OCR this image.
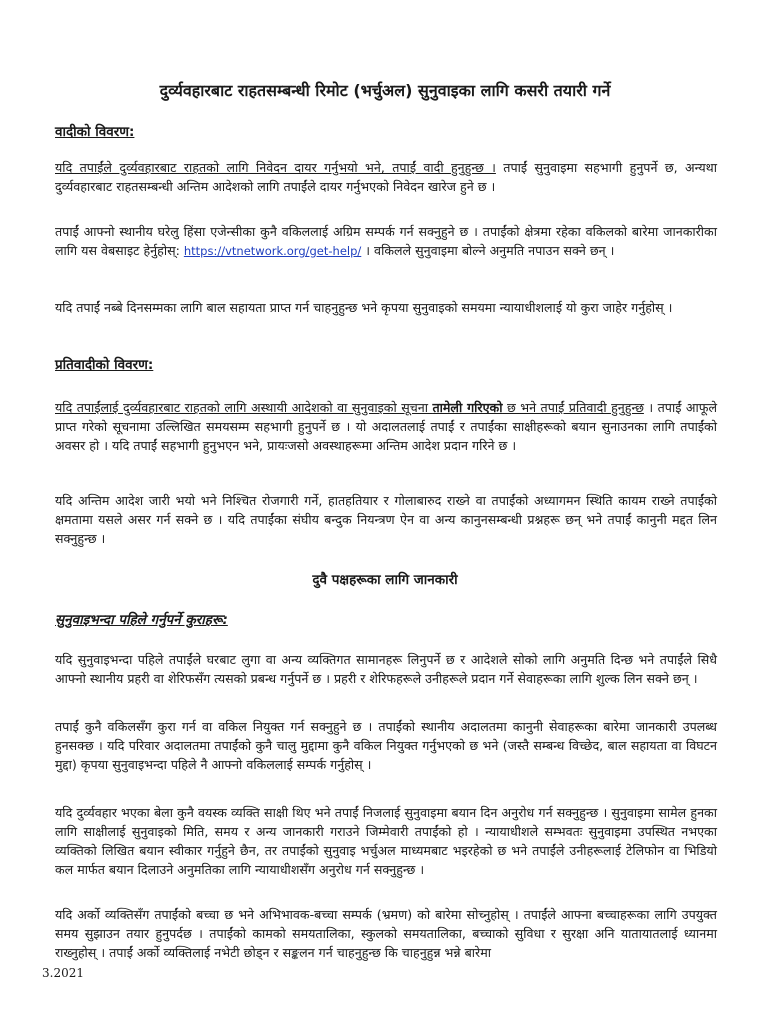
दुर्व्यवहारबाट राहतसम्बन्धी रिमोट (भर्चुअल) सुनुवाइका लागि कसरी तयारी गर्ने
वादीको विवरण:
यदि तपाईंले दुर्व्यवहारबाट राहतको लागि निवेदन दायर गर्नुभयो भने, तपाईं वादी हुनुहुन्छ । तपाईं सुनुवाइमा सहभागी हुनुपर्ने छ, अन्यथा दुर्व्यवहारबाट राहतसम्बन्धी अन्तिम आदेशको लागि तपाईंले दायर गर्नुभएको निवेदन खारेज हुने छ ।
तपाईं आफ्नो स्थानीय घरेलु हिंसा एजेन्सीका कुनै वकिललाई अग्रिम सम्पर्क गर्न सक्नुहुने छ । तपाईंको क्षेत्रमा रहेका वकिलको बारेमा जानकारीका लागि यस वेबसाइट हेर्नुहोस्: https://vtnetwork.org/get-help/ । वकिलले सुनुवाइमा बोल्ने अनुमति नपाउन सक्ने छन् ।
यदि तपाईं नब्बे दिनसम्मका लागि बाल सहायता प्राप्त गर्न चाहनुहुन्छ भने कृपया सुनुवाइको समयमा न्यायाधीशलाई यो कुरा जाहेर गर्नुहोस् ।
प्रतिवादीको विवरण:
यदि तपाईंलाई दुर्व्यवहारबाट राहतको लागि अस्थायी आदेशको वा सुनुवाइको सूचना तामेली गरिएको छ भने तपाईं प्रतिवादी हुनुहुन्छ । तपाईं आफूले प्राप्त गरेको सूचनामा उल्लिखित समयसम्म सहभागी हुनुपर्ने छ । यो अदालतलाई तपाईं र तपाईंका साक्षीहरूको बयान सुनाउनका लागि तपाईंको अवसर हो । यदि तपाईं सहभागी हुनुभएन भने, प्रायःजसो अवस्थाहरूमा अन्तिम आदेश प्रदान गरिने छ ।
यदि अन्तिम आदेश जारी भयो भने निश्चित रोजगारी गर्ने, हातहतियार र गोलाबारुद राख्ने वा तपाईंको अध्यागमन स्थिति कायम राख्ने तपाईंको क्षमतामा यसले असर गर्न सक्ने छ । यदि तपाईंका संघीय बन्दुक नियन्त्रण ऐन वा अन्य कानुनसम्बन्धी प्रश्नहरू छन् भने तपाईं कानुनी मद्दत लिन सक्नुहुन्छ ।
दुवै पक्षहरूका लागि जानकारी
सुनुवाइभन्दा पहिले गर्नुपर्ने कुराहरू:
यदि सुनुवाइभन्दा पहिले तपाईंले घरबाट लुगा वा अन्य व्यक्तिगत सामानहरू लिनुपर्ने छ र आदेशले सोको लागि अनुमति दिन्छ भने तपाईंले सिधै आफ्नो स्थानीय प्रहरी वा शेरिफसँग त्यसको प्रबन्ध गर्नुपर्ने छ । प्रहरी र शेरिफहरूले उनीहरूले प्रदान गर्ने सेवाहरूका लागि शुल्क लिन सक्ने छन् ।
तपाईं कुनै वकिलसँग कुरा गर्न वा वकिल नियुक्त गर्न सक्नुहुने छ । तपाईंको स्थानीय अदालतमा कानुनी सेवाहरूका बारेमा जानकारी उपलब्ध हुनसक्छ । यदि परिवार अदालतमा तपाईंको कुनै चालु मुद्दामा कुनै वकिल नियुक्त गर्नुभएको छ भने (जस्तै सम्बन्ध विच्छेद, बाल सहायता वा विघटन मुद्दा) कृपया सुनुवाइभन्दा पहिले नै आफ्नो वकिललाई सम्पर्क गर्नुहोस् ।
यदि दुर्व्यवहार भएका बेला कुनै वयस्क व्यक्ति साक्षी थिए भने तपाईं निजलाई सुनुवाइमा बयान दिन अनुरोध गर्न सक्नुहुन्छ । सुनुवाइमा सामेल हुनका लागि साक्षीलाई सुनुवाइको मिति, समय र अन्य जानकारी गराउने जिम्मेवारी तपाईंको हो । न्यायाधीशले सम्भवतः सुनुवाइमा उपस्थित नभएका व्यक्तिको लिखित बयान स्वीकार गर्नुहुने छैन, तर तपाईंको सुनुवाइ भर्चुअल माध्यमबाट भइरहेको छ भने तपाईंले उनीहरूलाई टेलिफोन वा भिडियो कल मार्फत बयान दिलाउने अनुमतिका लागि न्यायाधीशसँग अनुरोध गर्न सक्नुहुन्छ ।
यदि अर्को व्यक्तिसँग तपाईंको बच्चा छ भने अभिभावक-बच्चा सम्पर्क (भ्रमण) को बारेमा सोच्नुहोस् । तपाईंले आफ्ना बच्चाहरूका लागि उपयुक्त समय सुझाउन तयार हुनुपर्दछ । तपाईंको कामको समयतालिका, स्कुलको समयतालिका, बच्चाको सुविधा र सुरक्षा अनि यातायातलाई ध्यानमा राख्नुहोस् । तपाईं अर्को व्यक्तिलाई नभेटी छोड्न र सङ्कलन गर्न चाहनुहुन्छ कि चाहनुहुन्न भन्ने बारेमा
3.2021
